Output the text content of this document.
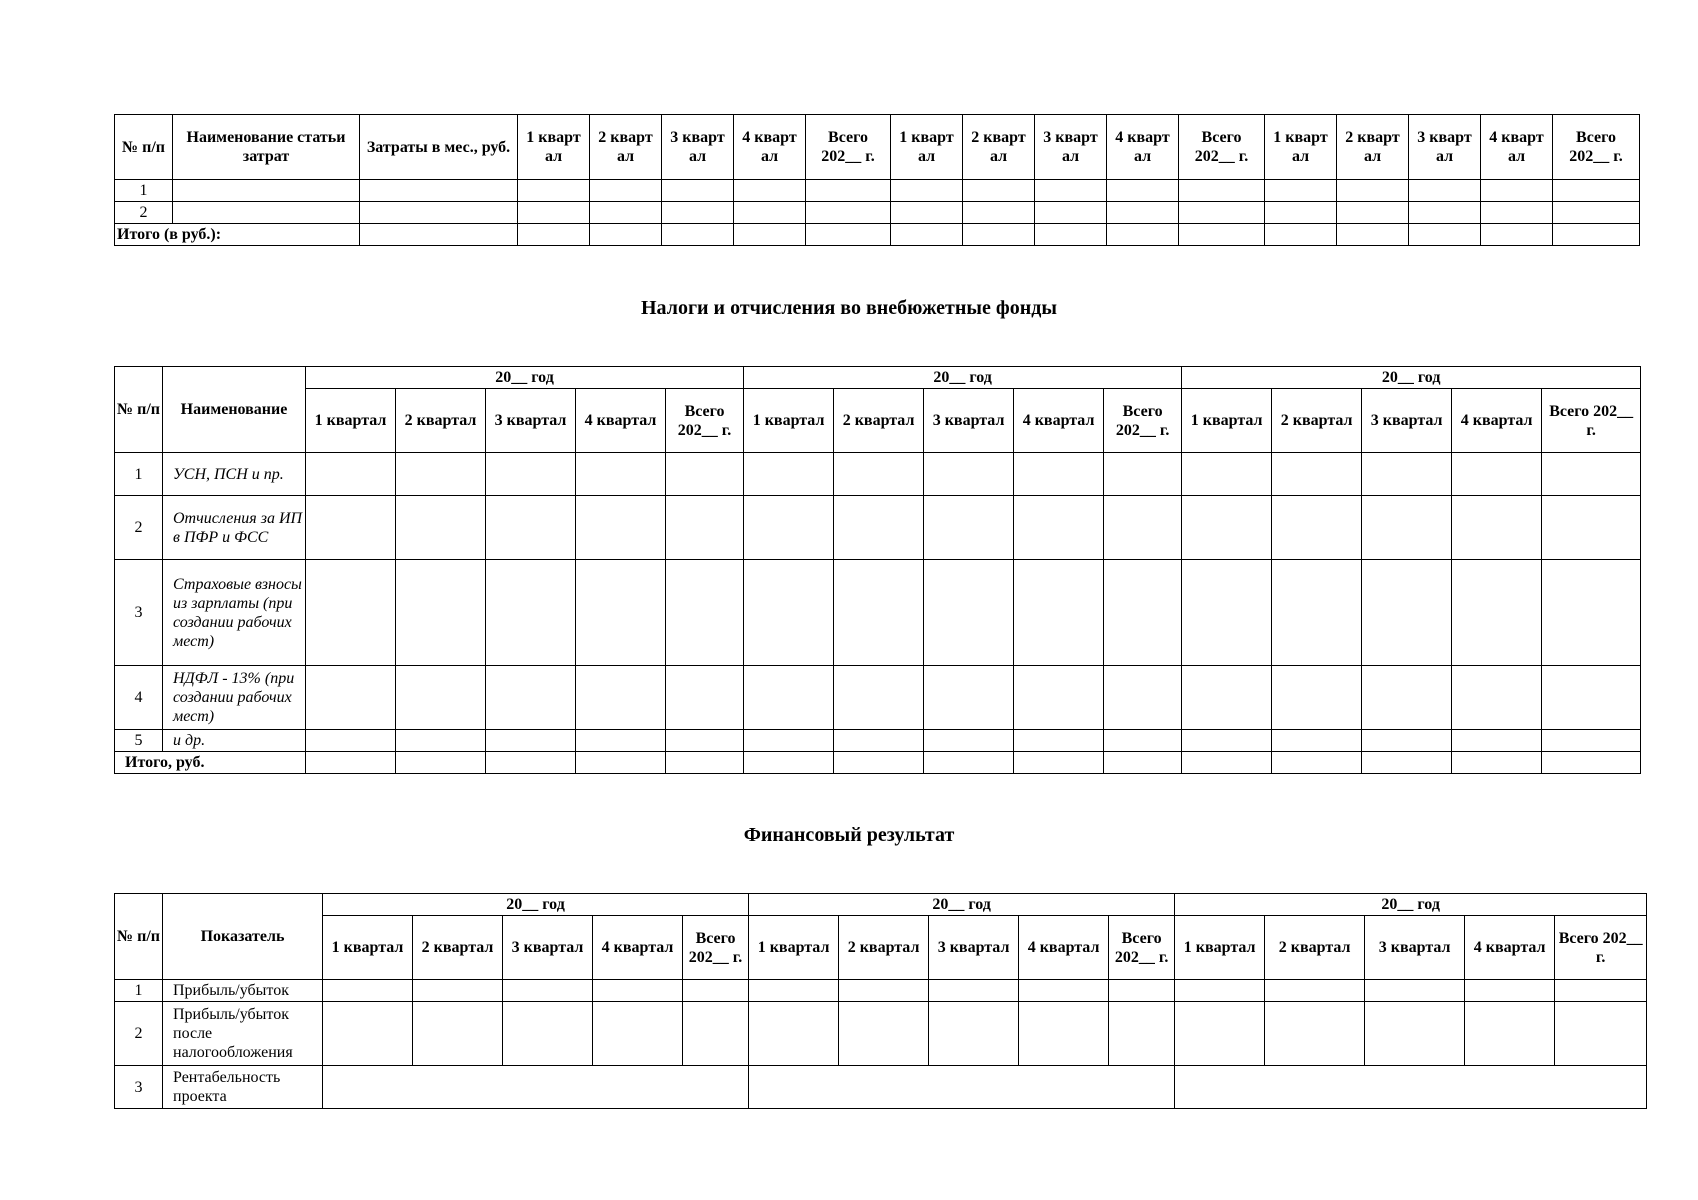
№ п/п	Наименование статьи затрат	Затраты в мес., руб.	1 кварт ал	2 кварт ал	3 кварт ал	4 кварт ал	Всего 202__ г.	1 кварт ал	2 кварт ал	3 кварт ал	4 кварт ал	Всего 202__ г.	1 кварт ал	2 кварт ал	3 кварт ал	4 кварт ал	Всего 202__ г.
1																	
2																	
Итого (в руб.):																	
Налоги и отчисления во внебюжетные фонды
№ п/п	Наименование	20__ год					20__ год					20__ год				
		1 квартал	2 квартал	3 квартал	4 квартал	Всего 202__ г.	1 квартал	2 квартал	3 квартал	4 квартал	Всего 202__ г.	1 квартал	2 квартал	3 квартал	4 квартал	Всего 202__ г.
1	УСН, ПСН и пр.															
2	Отчисления за ИП в ПФР и ФСС															
3	Страховые взносы из зарплаты (при создании рабочих мест)															
4	НДФЛ - 13% (при создании рабочих мест)															
5	и др.															
Итого, руб.																
Финансовый результат
№ п/п	Показатель	20__ год					20__ год					20__ год				
		1 квартал	2 квартал	3 квартал	4 квартал	Всего 202__ г.	1 квартал	2 квартал	3 квартал	4 квартал	Всего 202__ г.	1 квартал	2 квартал	3 квартал	4 квартал	Всего 202__ г.
1	Прибыль/убыток															
2	Прибыль/убыток после налогообложения															
3	Рентабельность проекта															
